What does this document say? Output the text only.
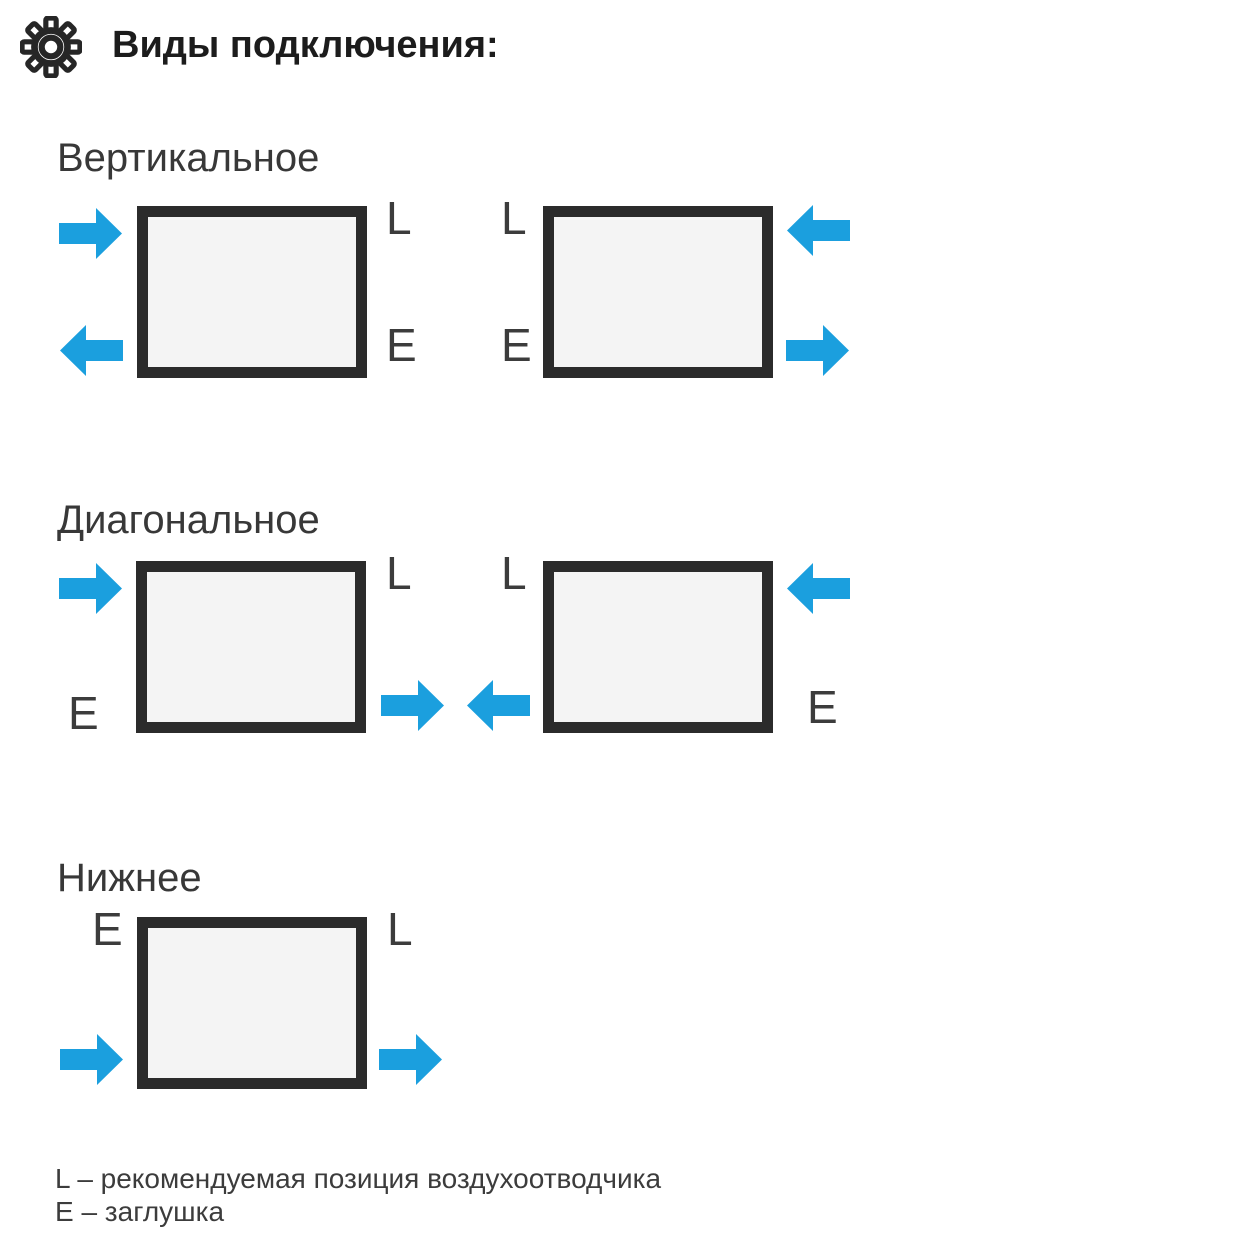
Виды подключения:
Вертикальное
L
E
L
E
Диагональное
L
E
L
E
Нижнее
E	L
L – рекомендуемая позиция воздухоотводчика
E – заглушка
